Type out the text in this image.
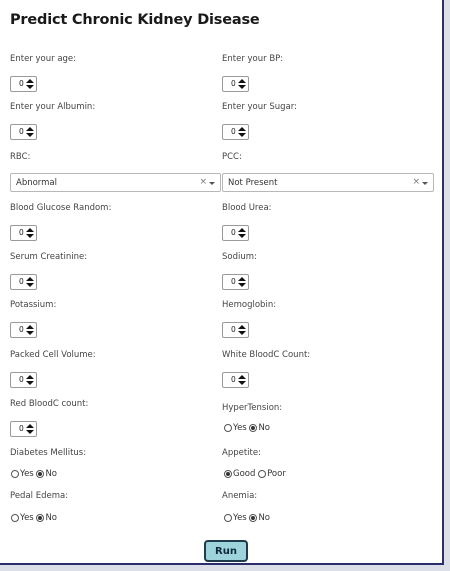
Predict Chronic Kidney Disease
Enter your age:
0
Enter your BP:
0
Enter your Albumin:
0
Enter your Sugar:
0
RBC:
Abnormal	×
PCC:
Not Present	×
Blood Glucose Random:
0
Blood Urea:
0
Serum Creatinine:
0
Sodium:
0
Potassium:
0
Hemoglobin:
0
Packed Cell Volume:
0
White BloodC Count:
0
Red BloodC count:
0
HyperTension:
Yes No
Diabetes Mellitus:
Yes No
Appetite:
Good Poor
Pedal Edema:
Yes No
Anemia:
Yes No
Run
